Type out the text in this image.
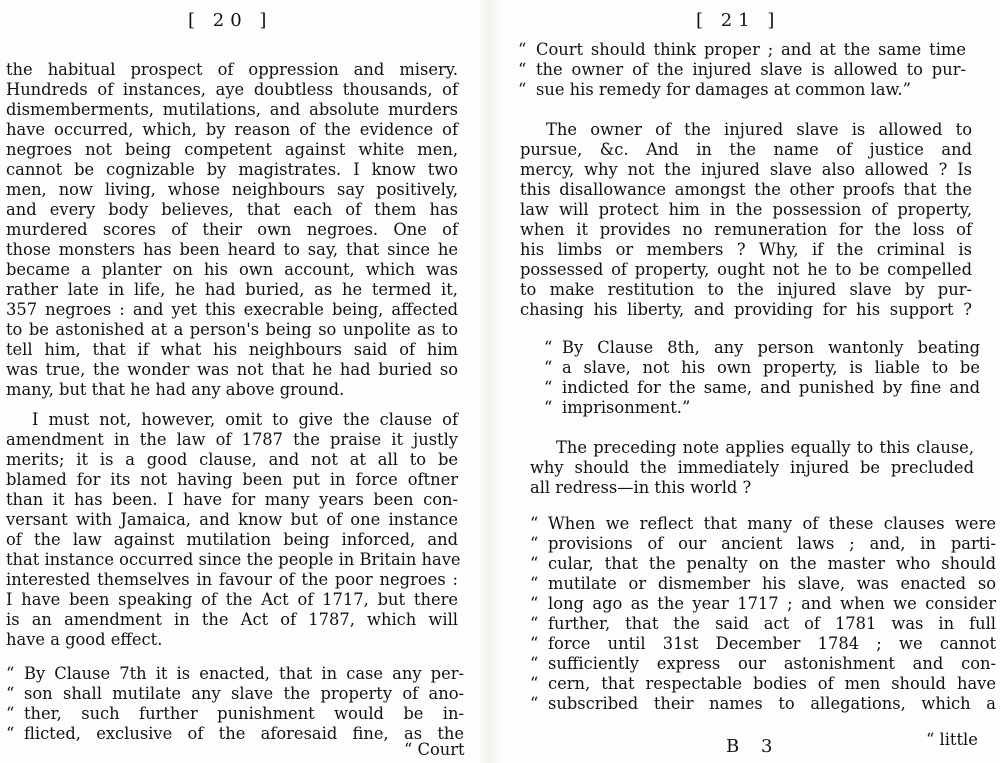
[ 20 ]
the habitual prospect of oppression and misery.
Hundreds of instances, aye doubtless thousands, of
dismemberments, mutilations, and absolute murders
have occurred, which, by reason of the evidence of
negroes not being competent against white men,
cannot be cognizable by magistrates. I know two
men, now living, whose neighbours say positively,
and every body believes, that each of them has
murdered scores of their own negroes. One of
those monsters has been heard to say, that since he
became a planter on his own account, which was
rather late in life, he had buried, as he termed it,
357 negroes : and yet this execrable being, affected
to be astonished at a person's being so unpolite as to
tell him, that if what his neighbours said of him
was true, the wonder was not that he had buried so
many, but that he had any above ground.
I must not, however, omit to give the clause of
amendment in the law of 1787 the praise it justly
merits; it is a good clause, and not at all to be
blamed for its not having been put in force oftner
than it has been. I have for many years been con-
versant with Jamaica, and know but of one instance
of the law against mutilation being inforced, and
that instance occurred since the people in Britain have
interested themselves in favour of the poor negroes :
I have been speaking of the Act of 1717, but there
is an amendment in the Act of 1787, which will
have a good effect.
“ By Clause 7th it is enacted, that in case any per-
“ son shall mutilate any slave the property of ano-
“ ther, such further punishment would be in-
“ flicted, exclusive of the aforesaid fine, as the
“ Court
[ 21 ]
“ Court should think proper ; and at the same time
“ the owner of the injured slave is allowed to pur-
“ sue his remedy for damages at common law.”
The owner of the injured slave is allowed to
pursue, &c. And in the name of justice and
mercy, why not the injured slave also allowed ? Is
this disallowance amongst the other proofs that the
law will protect him in the possession of property,
when it provides no remuneration for the loss of
his limbs or members ? Why, if the criminal is
possessed of property, ought not he to be compelled
to make restitution to the injured slave by pur-
chasing his liberty, and providing for his support ?
“ By Clause 8th, any person wantonly beating
“ a slave, not his own property, is liable to be
“ indicted for the same, and punished by fine and
“ imprisonment.”
The preceding note applies equally to this clause,
why should the immediately injured be precluded
all redress—in this world ?
“ When we reflect that many of these clauses were
“ provisions of our ancient laws ; and, in parti-
“ cular, that the penalty on the master who should
“ mutilate or dismember his slave, was enacted so
“ long ago as the year 1717 ; and when we consider
“ further, that the said act of 1781 was in full
“ force until 31st December 1784 ; we cannot
“ sufficiently express our astonishment and con-
“ cern, that respectable bodies of men should have
“ subscribed their names to allegations, which a
B 3	“ little
